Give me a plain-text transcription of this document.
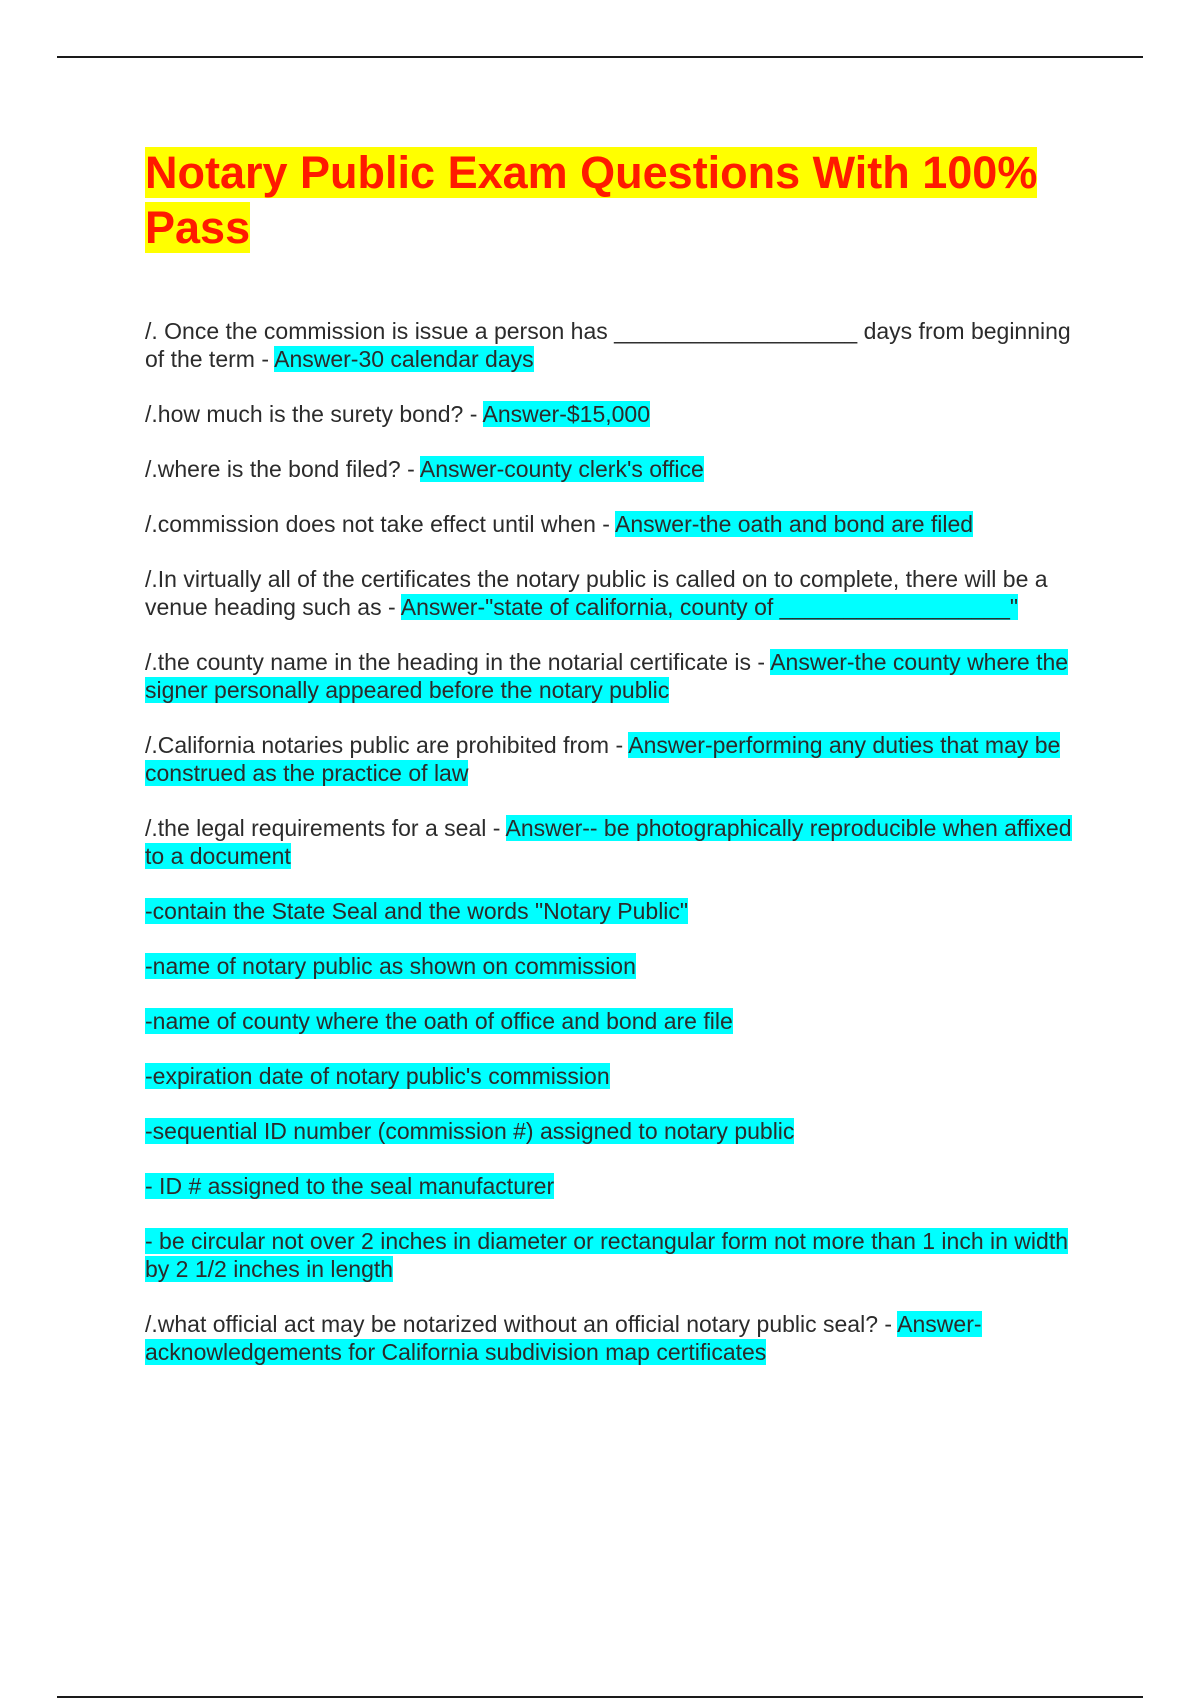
Notary Public Exam Questions With 100% Pass

/. Once the commission is issue a person has ___________________ days from beginning of the term - Answer-30 calendar days

/.how much is the surety bond? - Answer-$15,000

/.where is the bond filed? - Answer-county clerk's office

/.commission does not take effect until when - Answer-the oath and bond are filed

/.In virtually all of the certificates the notary public is called on to complete, there will be a venue heading such as - Answer-"state of california, county of __________________"

/.the county name in the heading in the notarial certificate is - Answer-the county where the signer personally appeared before the notary public

/.California notaries public are prohibited from - Answer-performing any duties that may be construed as the practice of law

/.the legal requirements for a seal - Answer-- be photographically reproducible when affixed to a document

-contain the State Seal and the words "Notary Public"

-name of notary public as shown on commission

-name of county where the oath of office and bond are file

-expiration date of notary public's commission

-sequential ID number (commission #) assigned to notary public

- ID # assigned to the seal manufacturer

- be circular not over 2 inches in diameter or rectangular form not more than 1 inch in width by 2 1/2 inches in length

/.what official act may be notarized without an official notary public seal? - Answer-acknowledgements for California subdivision map certificates
